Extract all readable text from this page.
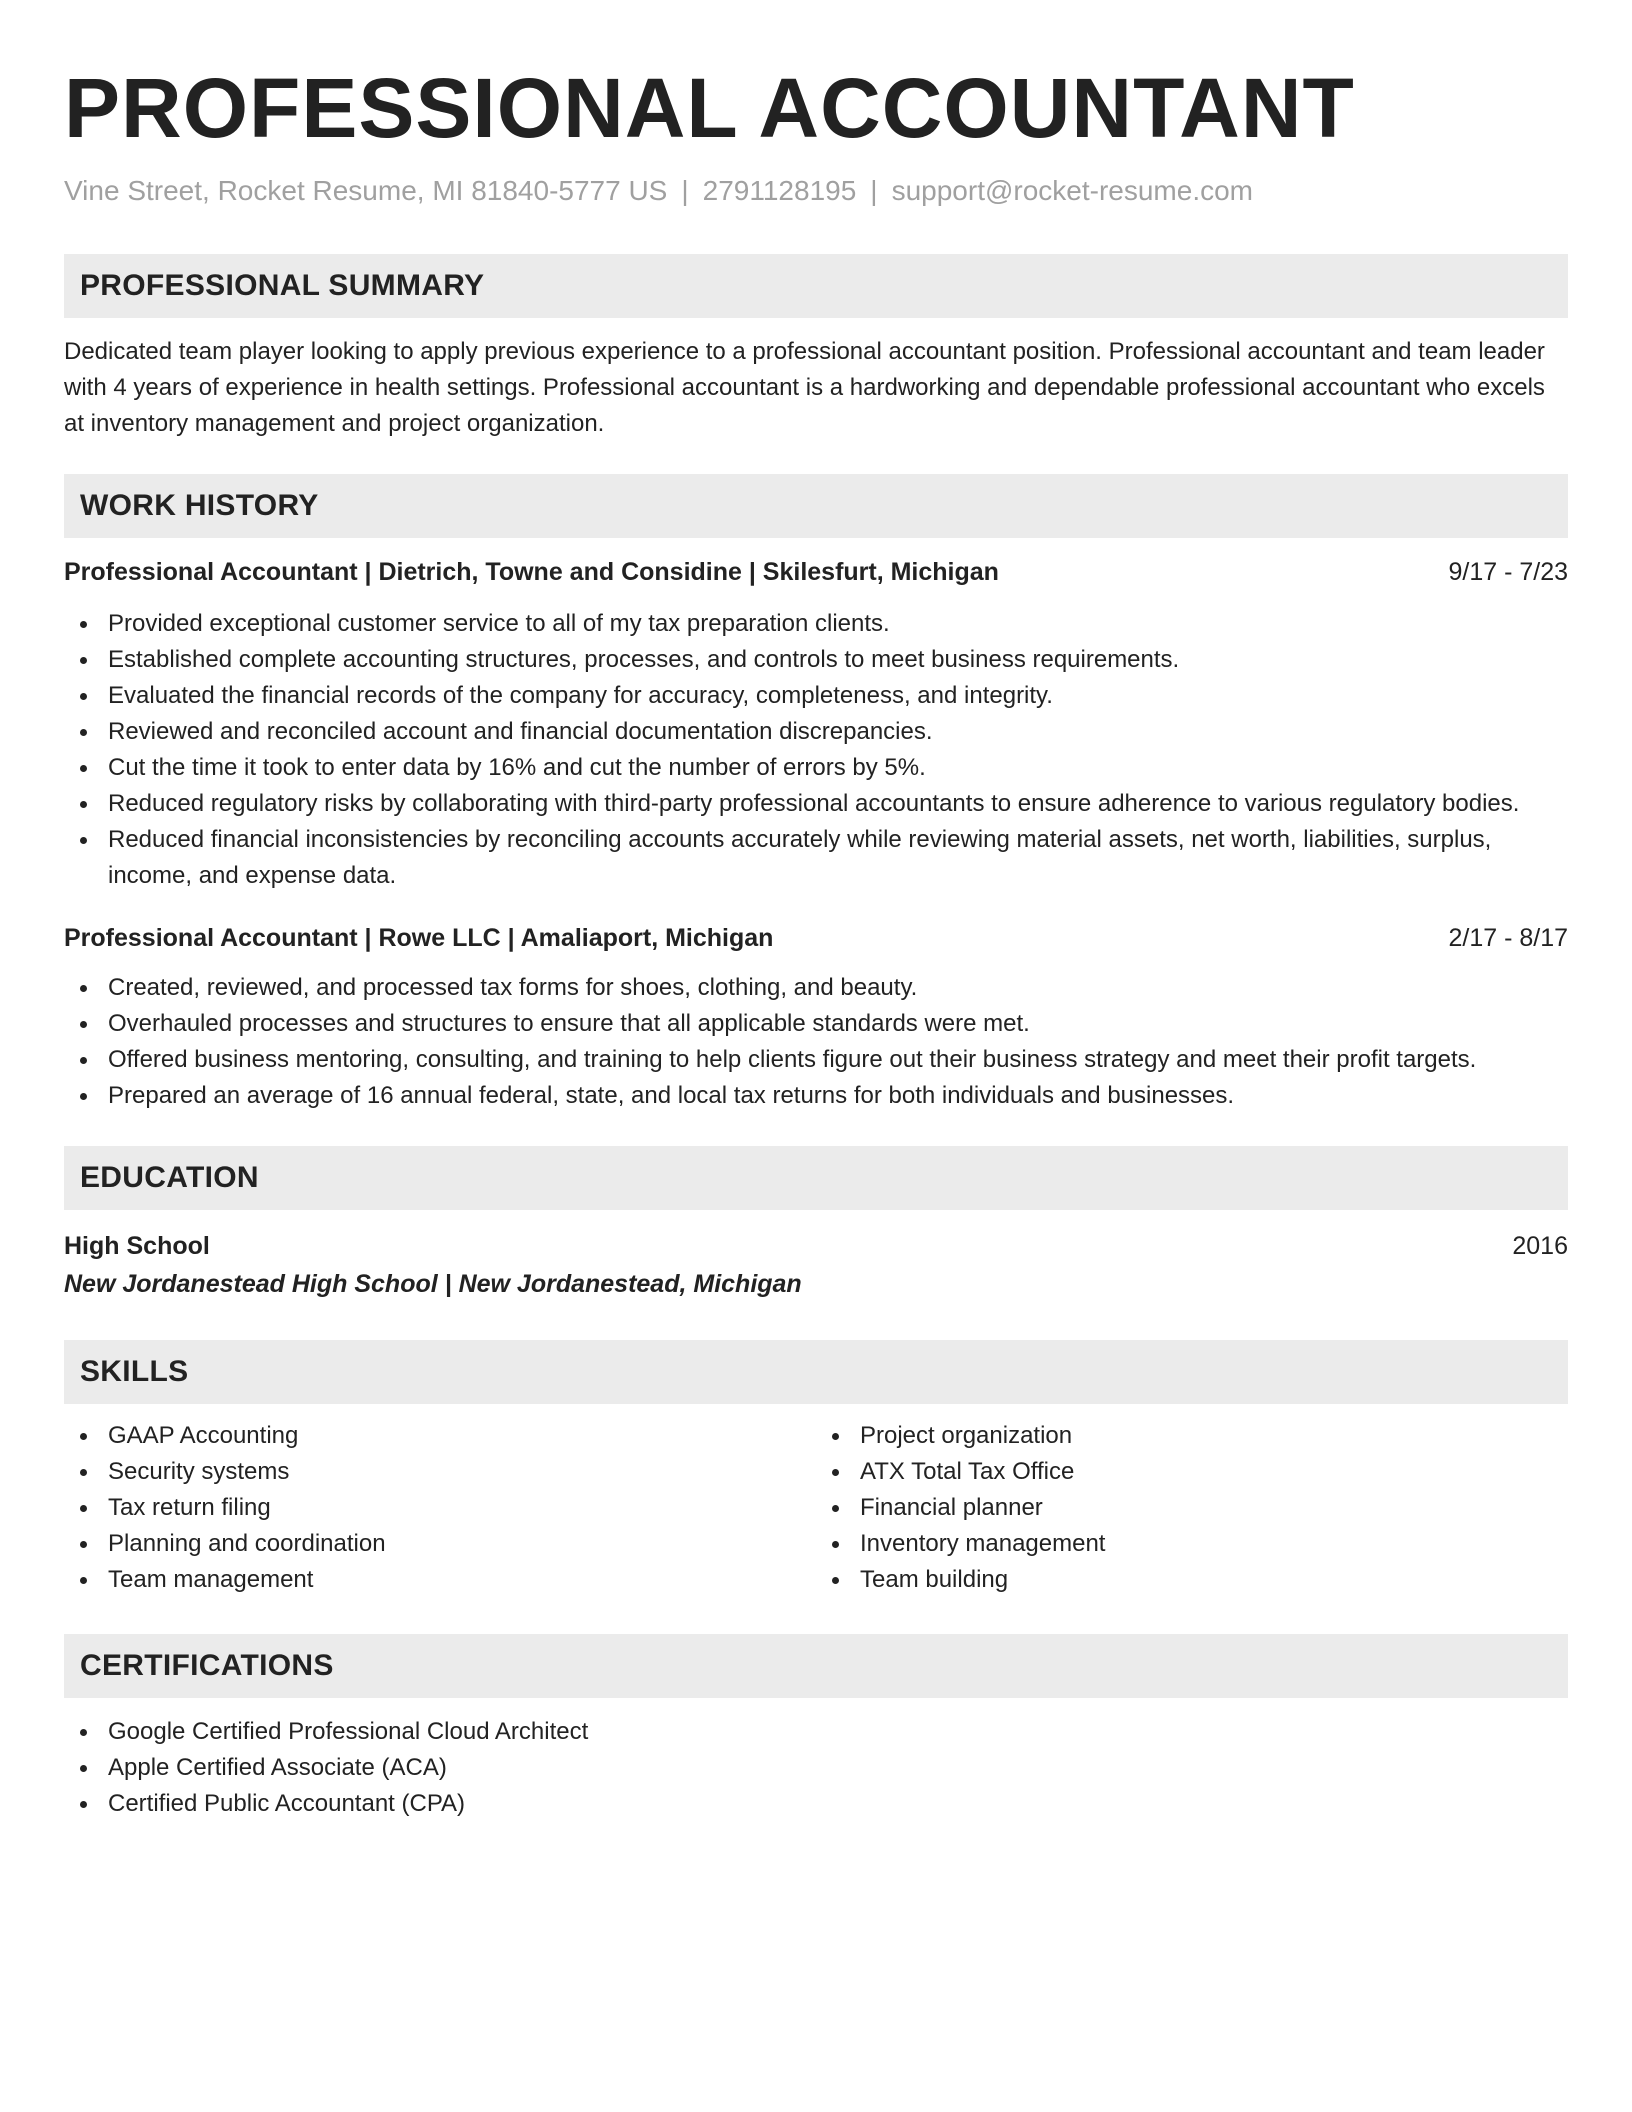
PROFESSIONAL ACCOUNTANT
Vine Street, Rocket Resume, MI 81840-5777 US | 2791128195 | support@rocket-resume.com
PROFESSIONAL SUMMARY
Dedicated team player looking to apply previous experience to a professional accountant position. Professional accountant and team leader with 4 years of experience in health settings. Professional accountant is a hardworking and dependable professional accountant who excels at inventory management and project organization.
WORK HISTORY
Professional Accountant | Dietrich, Towne and Considine | Skilesfurt, Michigan	9/17 - 7/23
Provided exceptional customer service to all of my tax preparation clients.
Established complete accounting structures, processes, and controls to meet business requirements.
Evaluated the financial records of the company for accuracy, completeness, and integrity.
Reviewed and reconciled account and financial documentation discrepancies.
Cut the time it took to enter data by 16% and cut the number of errors by 5%.
Reduced regulatory risks by collaborating with third-party professional accountants to ensure adherence to various regulatory bodies.
Reduced financial inconsistencies by reconciling accounts accurately while reviewing material assets, net worth, liabilities, surplus, income, and expense data.
Professional Accountant | Rowe LLC | Amaliaport, Michigan	2/17 - 8/17
Created, reviewed, and processed tax forms for shoes, clothing, and beauty.
Overhauled processes and structures to ensure that all applicable standards were met.
Offered business mentoring, consulting, and training to help clients figure out their business strategy and meet their profit targets.
Prepared an average of 16 annual federal, state, and local tax returns for both individuals and businesses.
EDUCATION
High School	2016
New Jordanestead High School | New Jordanestead, Michigan
SKILLS
GAAP Accounting
Security systems
Tax return filing
Planning and coordination
Team management
Project organization
ATX Total Tax Office
Financial planner
Inventory management
Team building
CERTIFICATIONS
Google Certified Professional Cloud Architect
Apple Certified Associate (ACA)
Certified Public Accountant (CPA)
